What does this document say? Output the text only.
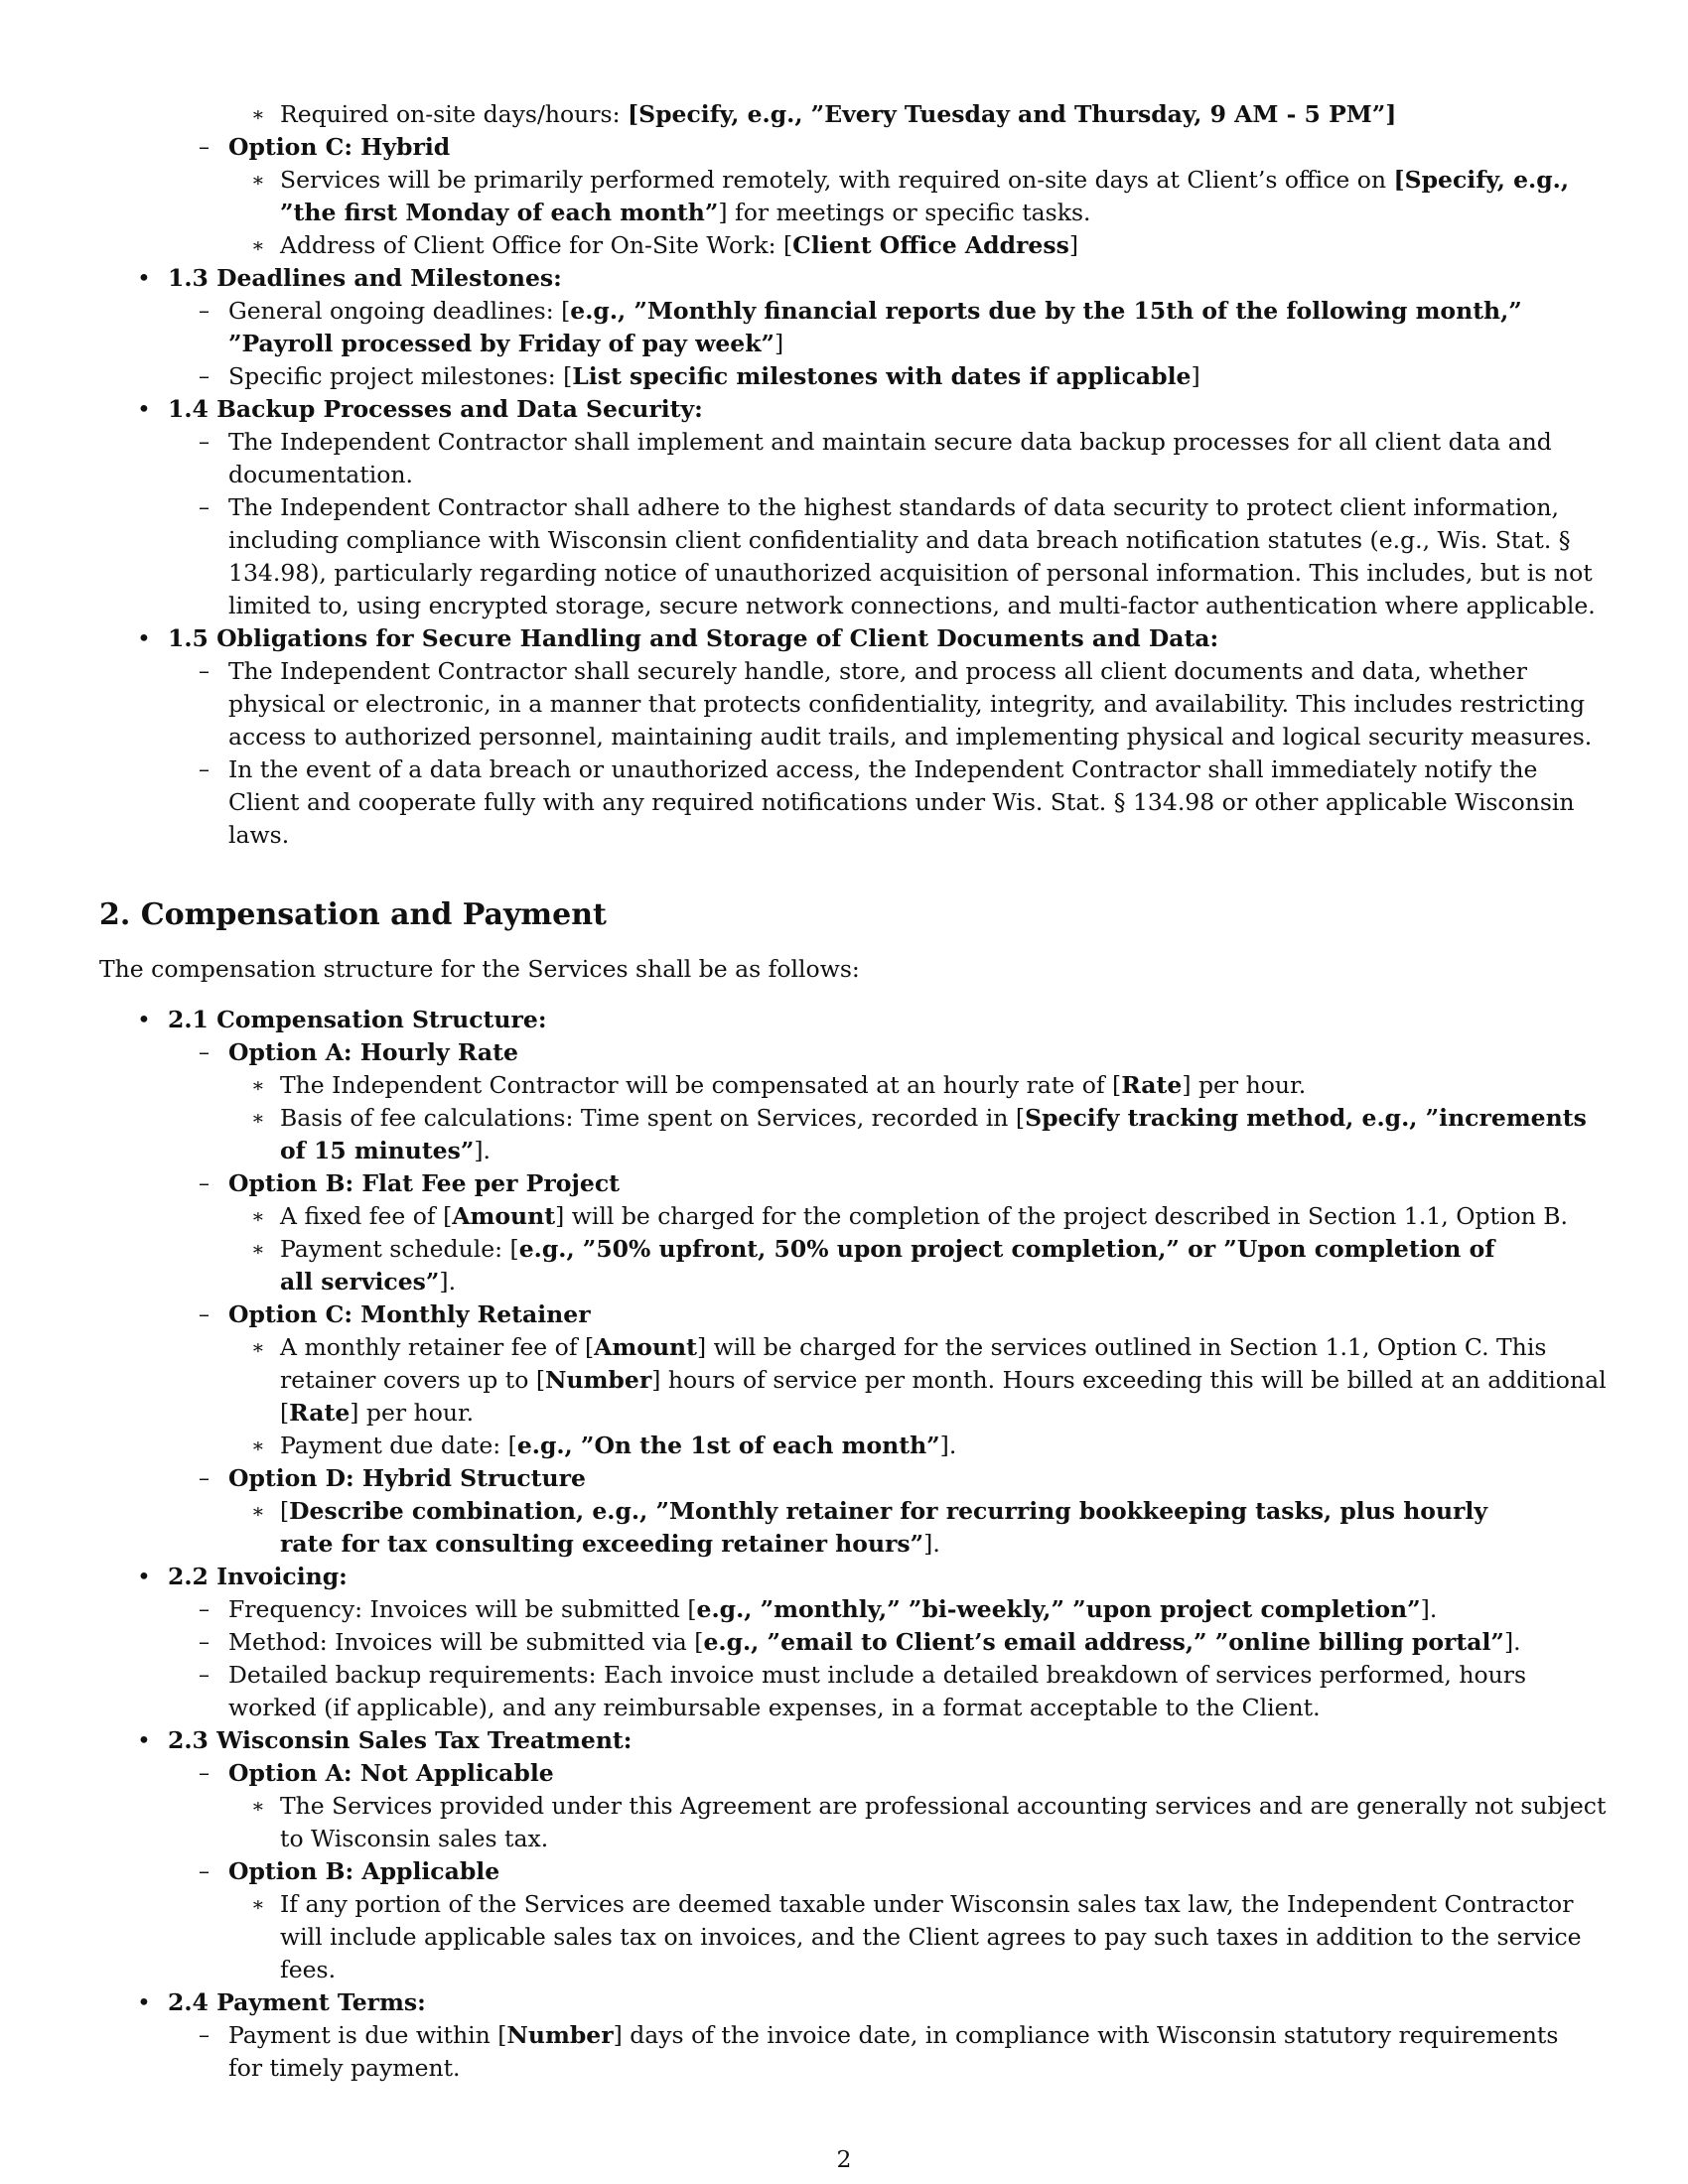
∗ Required on-site days/hours: [Specify, e.g., ”Every Tuesday and Thursday, 9 AM - 5 PM”]
– Option C: Hybrid
∗ Services will be primarily performed remotely, with required on-site days at Client’s office on [Specify, e.g.,
”the first Monday of each month”] for meetings or specific tasks.
∗ Address of Client Office for On-Site Work: [Client Office Address]
• 1.3 Deadlines and Milestones:
– General ongoing deadlines: [e.g., ”Monthly financial reports due by the 15th of the following month,”
”Payroll processed by Friday of pay week”]
– Specific project milestones: [List specific milestones with dates if applicable]
• 1.4 Backup Processes and Data Security:
– The Independent Contractor shall implement and maintain secure data backup processes for all client data and
documentation.
– The Independent Contractor shall adhere to the highest standards of data security to protect client information,
including compliance with Wisconsin client confidentiality and data breach notification statutes (e.g., Wis. Stat. §
134.98), particularly regarding notice of unauthorized acquisition of personal information. This includes, but is not
limited to, using encrypted storage, secure network connections, and multi-factor authentication where applicable.
• 1.5 Obligations for Secure Handling and Storage of Client Documents and Data:
– The Independent Contractor shall securely handle, store, and process all client documents and data, whether
physical or electronic, in a manner that protects confidentiality, integrity, and availability. This includes restricting
access to authorized personnel, maintaining audit trails, and implementing physical and logical security measures.
– In the event of a data breach or unauthorized access, the Independent Contractor shall immediately notify the
Client and cooperate fully with any required notifications under Wis. Stat. § 134.98 or other applicable Wisconsin
laws.
• 2.1 Compensation Structure:
– Option A: Hourly Rate
∗ The Independent Contractor will be compensated at an hourly rate of [Rate] per hour.
∗ Basis of fee calculations: Time spent on Services, recorded in [Specify tracking method, e.g., ”increments
of 15 minutes”].
– Option B: Flat Fee per Project
∗ A fixed fee of [Amount] will be charged for the completion of the project described in Section 1.1, Option B.
∗ Payment schedule: [e.g., ”50% upfront, 50% upon project completion,” or ”Upon completion of
all services”].
– Option C: Monthly Retainer
∗ A monthly retainer fee of [Amount] will be charged for the services outlined in Section 1.1, Option C. This
retainer covers up to [Number] hours of service per month. Hours exceeding this will be billed at an additional
[Rate] per hour.
∗ Payment due date: [e.g., ”On the 1st of each month”].
– Option D: Hybrid Structure
∗ [Describe combination, e.g., ”Monthly retainer for recurring bookkeeping tasks, plus hourly
rate for tax consulting exceeding retainer hours”].
• 2.2 Invoicing:
– Frequency: Invoices will be submitted [e.g., ”monthly,” ”bi-weekly,” ”upon project completion”].
– Method: Invoices will be submitted via [e.g., ”email to Client’s email address,” ”online billing portal”].
– Detailed backup requirements: Each invoice must include a detailed breakdown of services performed, hours
worked (if applicable), and any reimbursable expenses, in a format acceptable to the Client.
• 2.3 Wisconsin Sales Tax Treatment:
– Option A: Not Applicable
∗ The Services provided under this Agreement are professional accounting services and are generally not subject
to Wisconsin sales tax.
– Option B: Applicable
∗ If any portion of the Services are deemed taxable under Wisconsin sales tax law, the Independent Contractor
will include applicable sales tax on invoices, and the Client agrees to pay such taxes in addition to the service
fees.
• 2.4 Payment Terms:
– Payment is due within [Number] days of the invoice date, in compliance with Wisconsin statutory requirements
for timely payment.
2. Compensation and Payment
The compensation structure for the Services shall be as follows:
2
